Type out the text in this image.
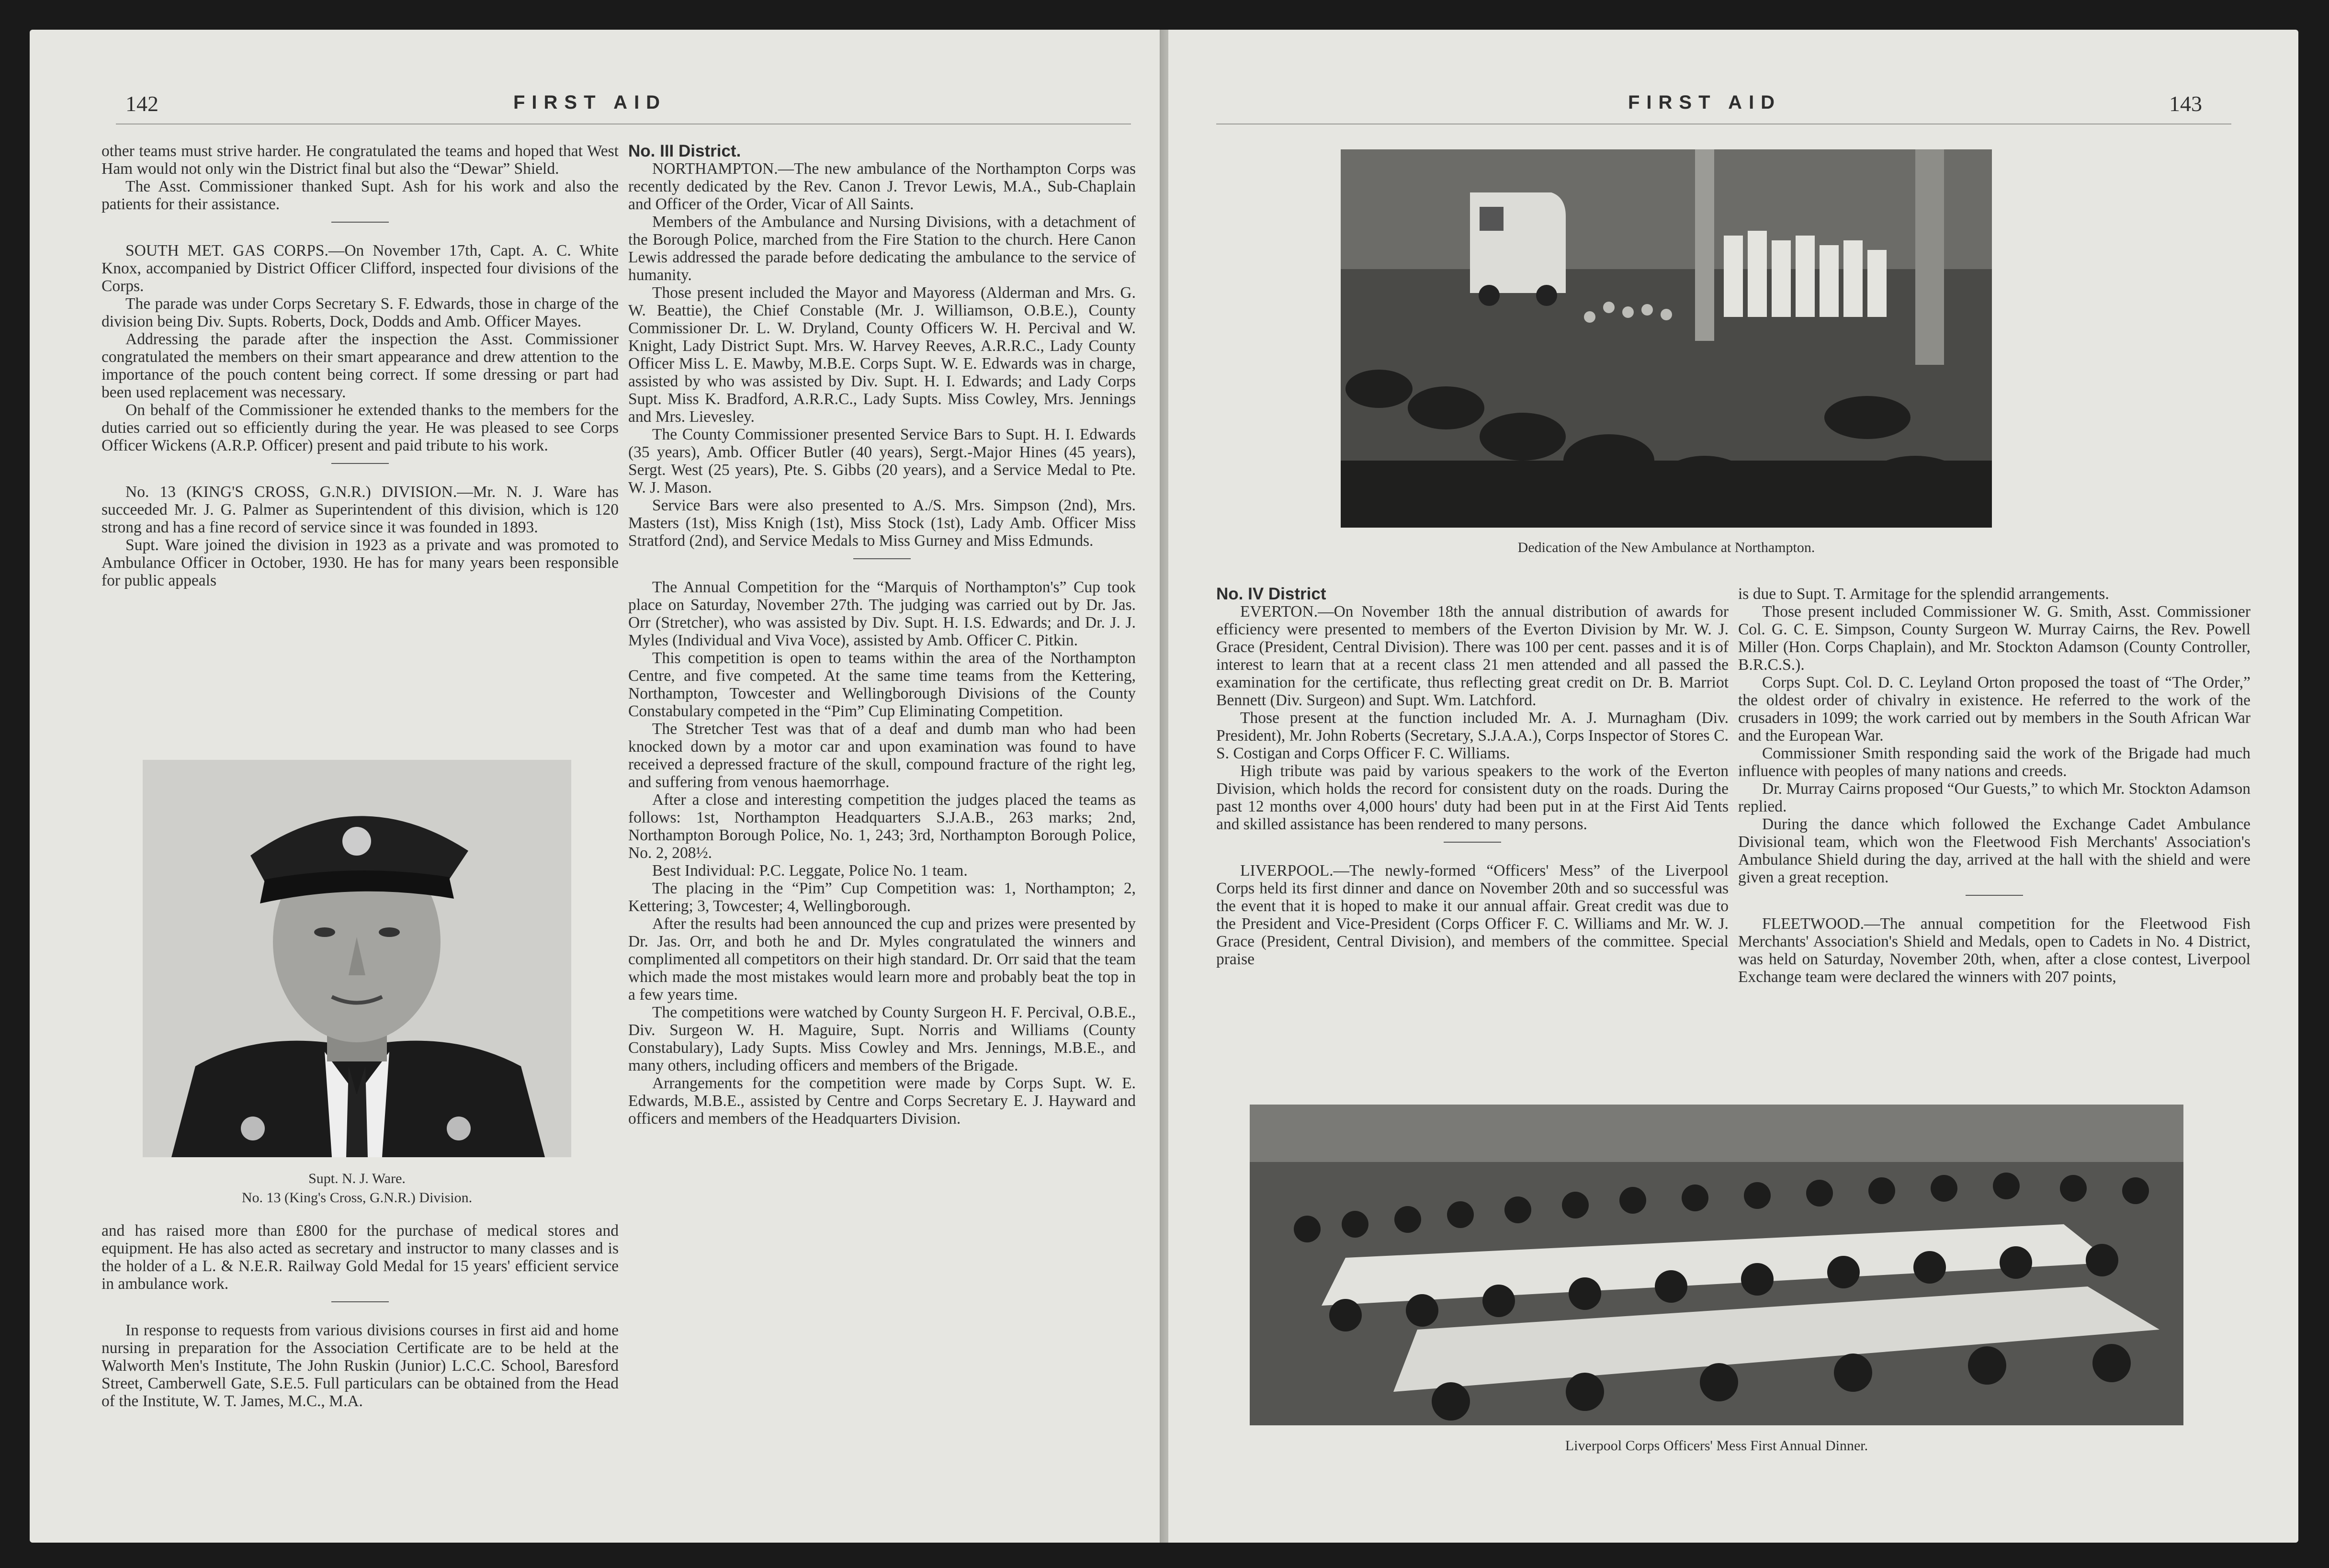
142	FIRST AID

other teams must strive harder. He congratulated the teams and hoped that West Ham would not only win the District final but also the “Dewar” Shield.

The Asst. Commissioner thanked Supt. Ash for his work and also the patients for their assistance.

SOUTH MET. GAS CORPS.—On November 17th, Capt. A. C. White Knox, accompanied by District Officer Clifford, inspected four divisions of the Corps.

The parade was under Corps Secretary S. F. Edwards, those in charge of the division being Div. Supts. Roberts, Dock, Dodds and Amb. Officer Mayes.

Addressing the parade after the inspection the Asst. Commissioner congratulated the members on their smart appearance and drew attention to the importance of the pouch content being correct. If some dressing or part had been used replacement was necessary.

On behalf of the Commissioner he extended thanks to the members for the duties carried out so efficiently during the year. He was pleased to see Corps Officer Wickens (A.R.P. Officer) present and paid tribute to his work.

No. 13 (KING'S CROSS, G.N.R.) DIVISION.—Mr. N. J. Ware has succeeded Mr. J. G. Palmer as Superintendent of this division, which is 120 strong and has a fine record of service since it was founded in 1893.

Supt. Ware joined the division in 1923 as a private and was promoted to Ambulance Officer in October, 1930. He has for many years been responsible for public appeals

Supt. N. J. Ware.
No. 13 (King's Cross, G.N.R.) Division.

and has raised more than £800 for the purchase of medical stores and equipment. He has also acted as secretary and instructor to many classes and is the holder of a L. & N.E.R. Railway Gold Medal for 15 years' efficient service in ambulance work.

In response to requests from various divisions courses in first aid and home nursing in preparation for the Association Certificate are to be held at the Walworth Men's Institute, The John Ruskin (Junior) L.C.C. School, Baresford Street, Camberwell Gate, S.E.5. Full particulars can be obtained from the Head of the Institute, W. T. James, M.C., M.A.

No. III District.

NORTHAMPTON.—The new ambulance of the Northampton Corps was recently dedicated by the Rev. Canon J. Trevor Lewis, M.A., Sub-Chaplain and Officer of the Order, Vicar of All Saints.

Members of the Ambulance and Nursing Divisions, with a detachment of the Borough Police, marched from the Fire Station to the church. Here Canon Lewis addressed the parade before dedicating the ambulance to the service of humanity.

Those present included the Mayor and Mayoress (Alderman and Mrs. G. W. Beattie), the Chief Constable (Mr. J. Williamson, O.B.E.), County Commissioner Dr. L. W. Dryland, County Officers W. H. Percival and W. Knight, Lady District Supt. Mrs. W. Harvey Reeves, A.R.R.C., Lady County Officer Miss L. E. Mawby, M.B.E. Corps Supt. W. E. Edwards was in charge, assisted by who was assisted by Div. Supt. H. I. Edwards; and Lady Corps Supt. Miss K. Bradford, A.R.R.C., Lady Supts. Miss Cowley, Mrs. Jennings and Mrs. Lievesley.

The County Commissioner presented Service Bars to Supt. H. I. Edwards (35 years), Amb. Officer Butler (40 years), Sergt.-Major Hines (45 years), Sergt. West (25 years), Pte. S. Gibbs (20 years), and a Service Medal to Pte. W. J. Mason.

Service Bars were also presented to A./S. Mrs. Simpson (2nd), Mrs. Masters (1st), Miss Knigh (1st), Miss Stock (1st), Lady Amb. Officer Miss Stratford (2nd), and Service Medals to Miss Gurney and Miss Edmunds.

The Annual Competition for the “Marquis of Northampton's” Cup took place on Saturday, November 27th. The judging was carried out by Dr. Jas. Orr (Stretcher), who was assisted by Div. Supt. H. I.S. Edwards; and Dr. J. J. Myles (Individual and Viva Voce), assisted by Amb. Officer C. Pitkin.

This competition is open to teams within the area of the Northampton Centre, and five competed. At the same time teams from the Kettering, Northampton, Towcester and Wellingborough Divisions of the County Constabulary competed in the “Pim” Cup Eliminating Competition.

The Stretcher Test was that of a deaf and dumb man who had been knocked down by a motor car and upon examination was found to have received a depressed fracture of the skull, compound fracture of the right leg, and suffering from venous haemorrhage.

After a close and interesting competition the judges placed the teams as follows: 1st, Northampton Headquarters S.J.A.B., 263 marks; 2nd, Northampton Borough Police, No. 1, 243; 3rd, Northampton Borough Police, No. 2, 208½.

Best Individual: P.C. Leggate, Police No. 1 team.

The placing in the “Pim” Cup Competition was: 1, Northampton; 2, Kettering; 3, Towcester; 4, Wellingborough.

After the results had been announced the cup and prizes were presented by Dr. Jas. Orr, and both he and Dr. Myles congratulated the winners and complimented all competitors on their high standard. Dr. Orr said that the team which made the most mistakes would learn more and probably beat the top in a few years time.

The competitions were watched by County Surgeon H. F. Percival, O.B.E., Div. Surgeon W. H. Maguire, Supt. Norris and Williams (County Constabulary), Lady Supts. Miss Cowley and Mrs. Jennings, M.B.E., and many others, including officers and members of the Brigade.

Arrangements for the competition were made by Corps Supt. W. E. Edwards, M.B.E., assisted by Centre and Corps Secretary E. J. Hayward and officers and members of the Headquarters Division.

FIRST AID	143
Dedication of the New Ambulance at Northampton.

No. IV District

EVERTON.—On November 18th the annual distribution of awards for efficiency were presented to members of the Everton Division by Mr. W. J. Grace (President, Central Division). There was 100 per cent. passes and it is of interest to learn that at a recent class 21 men attended and all passed the examination for the certificate, thus reflecting great credit on Dr. B. Marriot Bennett (Div. Surgeon) and Supt. Wm. Latchford.

Those present at the function included Mr. A. J. Murnagham (Div. President), Mr. John Roberts (Secretary, S.J.A.A.), Corps Inspector of Stores C. S. Costigan and Corps Officer F. C. Williams.

High tribute was paid by various speakers to the work of the Everton Division, which holds the record for consistent duty on the roads. During the past 12 months over 4,000 hours' duty had been put in at the First Aid Tents and skilled assistance has been rendered to many persons.

LIVERPOOL.—The newly-formed “Officers' Mess” of the Liverpool Corps held its first dinner and dance on November 20th and so successful was the event that it is hoped to make it our annual affair. Great credit was due to the President and Vice-President (Corps Officer F. C. Williams and Mr. W. J. Grace (President, Central Division), and members of the committee. Special praise

is due to Supt. T. Armitage for the splendid arrangements.

Those present included Commissioner W. G. Smith, Asst. Commissioner Col. G. C. E. Simpson, County Surgeon W. Murray Cairns, the Rev. Powell Miller (Hon. Corps Chaplain), and Mr. Stockton Adamson (County Controller, B.R.C.S.).

Corps Supt. Col. D. C. Leyland Orton proposed the toast of “The Order,” the oldest order of chivalry in existence. He referred to the work of the crusaders in 1099; the work carried out by members in the South African War and the European War.

Commissioner Smith responding said the work of the Brigade had much influence with peoples of many nations and creeds.

Dr. Murray Cairns proposed “Our Guests,” to which Mr. Stockton Adamson replied.

During the dance which followed the Exchange Cadet Ambulance Divisional team, which won the Fleetwood Fish Merchants' Association's Ambulance Shield during the day, arrived at the hall with the shield and were given a great reception.

FLEETWOOD.—The annual competition for the Fleetwood Fish Merchants' Association's Shield and Medals, open to Cadets in No. 4 District, was held on Saturday, November 20th, when, after a close contest, Liverpool Exchange team were declared the winners with 207 points,

Liverpool Corps Officers' Mess First Annual Dinner.
